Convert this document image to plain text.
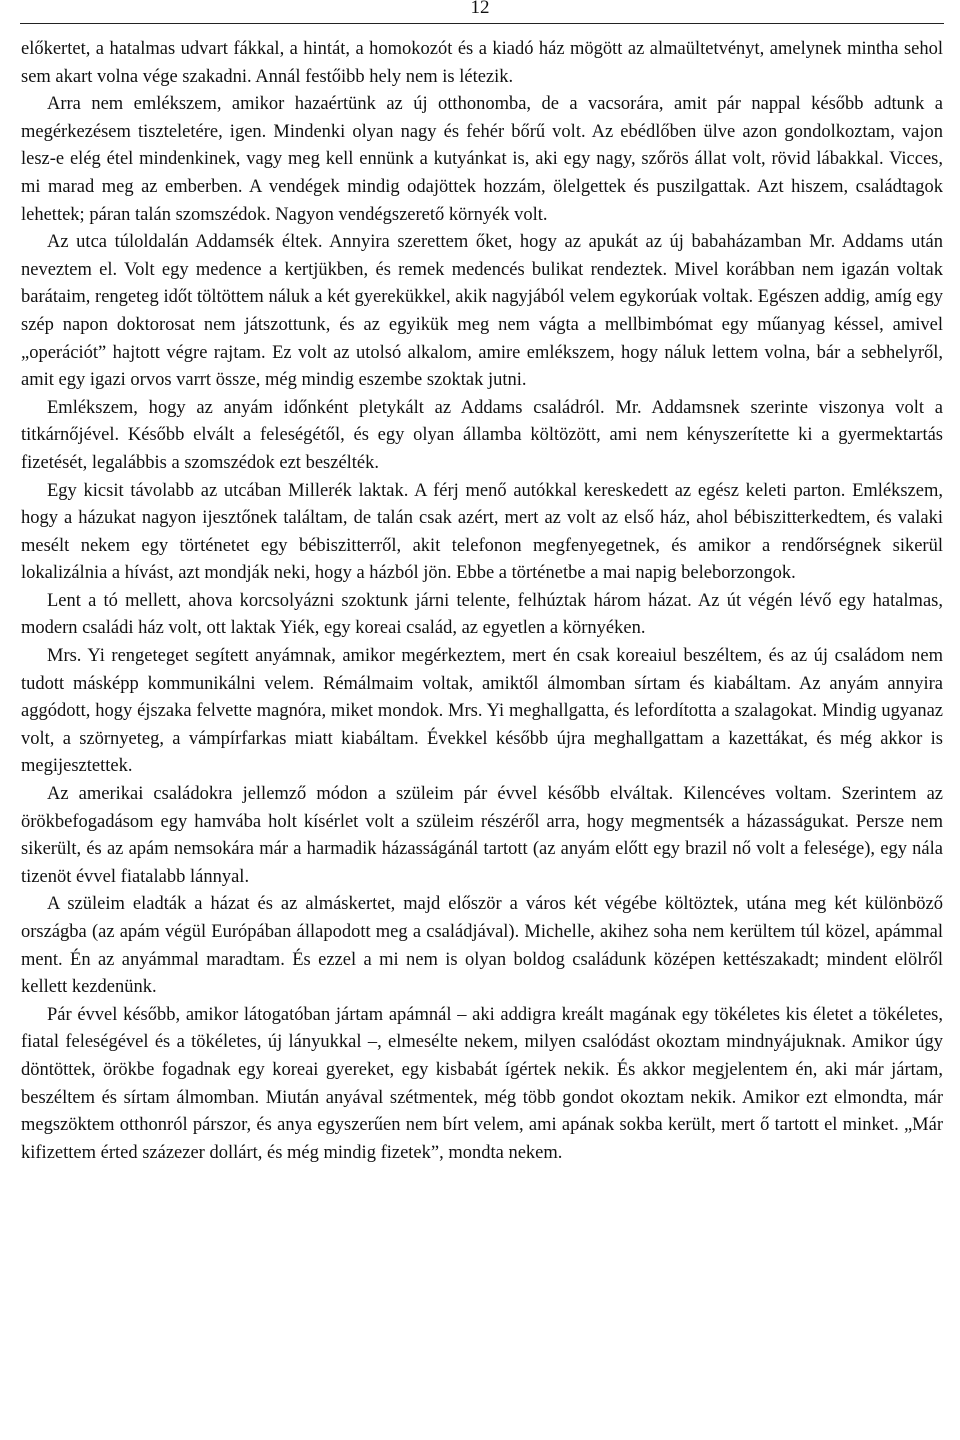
12

előkertet, a hatalmas udvart fákkal, a hintát, a homokozót és a kiadó ház mögött az almaültetvényt, amelynek mintha sehol sem akart volna vége szakadni. Annál festőibb hely nem is létezik.

Arra nem emlékszem, amikor hazaértünk az új otthonomba, de a vacsorára, amit pár nappal később adtunk a megérkezésem tiszteletére, igen. Mindenki olyan nagy és fehér bőrű volt. Az ebédlőben ülve azon gondolkoztam, vajon lesz-e elég étel mindenkinek, vagy meg kell ennünk a kutyánkat is, aki egy nagy, szőrös állat volt, rövid lábakkal. Vicces, mi marad meg az emberben. A vendégek mindig odajöttek hozzám, ölelgettek és puszilgattak. Azt hiszem, családtagok lehettek; páran talán szomszédok. Nagyon vendégszerető környék volt.

Az utca túloldalán Addamsék éltek. Annyira szerettem őket, hogy az apukát az új babaházamban Mr. Addams után neveztem el. Volt egy medence a kertjükben, és remek medencés bulikat rendeztek. Mivel korábban nem igazán voltak barátaim, rengeteg időt töltöttem náluk a két gyerekükkel, akik nagyjából velem egykorúak voltak. Egészen addig, amíg egy szép napon doktorosat nem játszottunk, és az egyikük meg nem vágta a mellbimbómat egy műanyag késsel, amivel „operációt” hajtott végre rajtam. Ez volt az utolsó alkalom, amire emlékszem, hogy náluk lettem volna, bár a sebhelyről, amit egy igazi orvos varrt össze, még mindig eszembe szoktak jutni.

Emlékszem, hogy az anyám időnként pletykált az Addams családról. Mr. Addamsnek szerinte viszonya volt a titkárnőjével. Később elvált a feleségétől, és egy olyan államba költözött, ami nem kényszerítette ki a gyermektartás fizetését, legalábbis a szomszédok ezt beszélték.

Egy kicsit távolabb az utcában Millerék laktak. A férj menő autókkal kereskedett az egész keleti parton. Emlékszem, hogy a házukat nagyon ijesztőnek találtam, de talán csak azért, mert az volt az első ház, ahol bébiszitterkedtem, és valaki mesélt nekem egy történetet egy bébiszitterről, akit telefonon megfenyegetnek, és amikor a rendőrségnek sikerül lokalizálnia a hívást, azt mondják neki, hogy a házból jön. Ebbe a történetbe a mai napig beleborzongok.

Lent a tó mellett, ahova korcsolyázni szoktunk járni telente, felhúztak három házat. Az út végén lévő egy hatalmas, modern családi ház volt, ott laktak Yiék, egy koreai család, az egyetlen a környéken.

Mrs. Yi rengeteget segített anyámnak, amikor megérkeztem, mert én csak koreaiul beszéltem, és az új családom nem tudott másképp kommunikálni velem. Rémálmaim voltak, amiktől álmomban sírtam és kiabáltam. Az anyám annyira aggódott, hogy éjszaka felvette magnóra, miket mondok. Mrs. Yi meghallgatta, és lefordította a szalagokat. Mindig ugyanaz volt, a szörnyeteg, a vámpírfarkas miatt kiabáltam. Évekkel később újra meghallgattam a kazettákat, és még akkor is megijesztettek.

Az amerikai családokra jellemző módon a szüleim pár évvel később elváltak. Kilencéves voltam. Szerintem az örökbefogadásom egy hamvába holt kísérlet volt a szüleim részéről arra, hogy megmentsék a házasságukat. Persze nem sikerült, és az apám nemsokára már a harmadik házasságánál tartott (az anyám előtt egy brazil nő volt a felesége), egy nála tizenöt évvel fiatalabb lánnyal.

A szüleim eladták a házat és az almáskertet, majd először a város két végébe költöztek, utána meg két különböző országba (az apám végül Európában állapodott meg a családjával). Michelle, akihez soha nem kerültem túl közel, apámmal ment. Én az anyámmal maradtam. És ezzel a mi nem is olyan boldog családunk középen kettészakadt; mindent elölről kellett kezdenünk.

Pár évvel később, amikor látogatóban jártam apámnál – aki addigra kreált magának egy tökéletes kis életet a tökéletes, fiatal feleségével és a tökéletes, új lányukkal –, elmesélte nekem, milyen csalódást okoztam mindnyájuknak. Amikor úgy döntöttek, örökbe fogadnak egy koreai gyereket, egy kisbabát ígértek nekik. És akkor megjelentem én, aki már jártam, beszéltem és sírtam álmomban. Miután anyával szétmentek, még több gondot okoztam nekik. Amikor ezt elmondta, már megszöktem otthonról párszor, és anya egyszerűen nem bírt velem, ami apának sokba került, mert ő tartott el minket. „Már kifizettem érted százezer dollárt, és még mindig fizetek”, mondta nekem.
